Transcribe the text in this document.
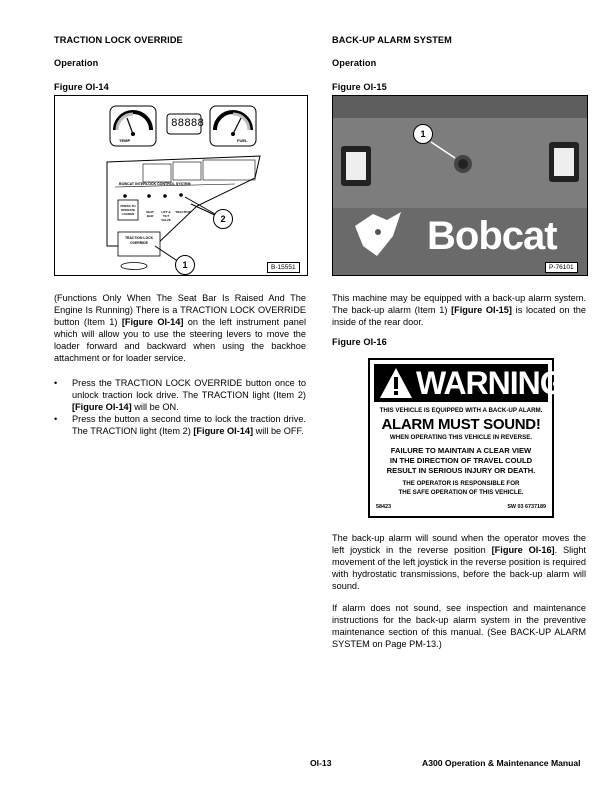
TRACTION LOCK OVERRIDE
Operation
Figure OI-14
88888
TEMP	FUEL
BOBCAT INTERLOCK CONTROL SYSTEM
PRESS TO OPERATE LOADER	SEAT BAR
LIFT & TILT VALVE
TRACTION
TRACTION LOCK OVERRIDE
1
2
B-15551
(Functions Only When The Seat Bar Is Raised And The Engine Is Running) There is a TRACTION LOCK OVERRIDE button (Item 1) [Figure OI-14] on the left instrument panel which will allow you to use the steering levers to move the loader forward and backward when using the backhoe attachment or for loader service.
• Press the TRACTION LOCK OVERRIDE button once to unlock traction lock drive. The TRACTION light (Item 2) [Figure OI-14] will be ON.
• Press the button a second time to lock the traction drive. The TRACTION light (Item 2) [Figure OI-14] will be OFF.
BACK-UP ALARM SYSTEM
Operation
Figure OI-15
1
Bobcat
P-76101
This machine may be equipped with a back-up alarm system. The back-up alarm (Item 1) [Figure OI-15] is located on the inside of the rear door.
Figure OI-16
WARNING
THIS VEHICLE IS EQUIPPED WITH A BACK-UP ALARM.
ALARM MUST SOUND!
WHEN OPERATING THIS VEHICLE IN REVERSE.
FAILURE TO MAINTAIN A CLEAR VIEW
IN THE DIRECTION OF TRAVEL COULD
RESULT IN SERIOUS INJURY OR DEATH.
THE OPERATOR IS RESPONSIBLE FOR
THE SAFE OPERATION OF THIS VEHICLE.
58423	SW 03 6737189
The back-up alarm will sound when the operator moves the left joystick in the reverse position [Figure OI-16]. Slight movement of the left joystick in the reverse position is required with hydrostatic transmissions, before the back-up alarm will sound.
If alarm does not sound, see inspection and maintenance instructions for the back-up alarm system in the preventive maintenance section of this manual. (See BACK-UP ALARM SYSTEM on Page PM-13.)
OI-13	A300 Operation & Maintenance Manual
